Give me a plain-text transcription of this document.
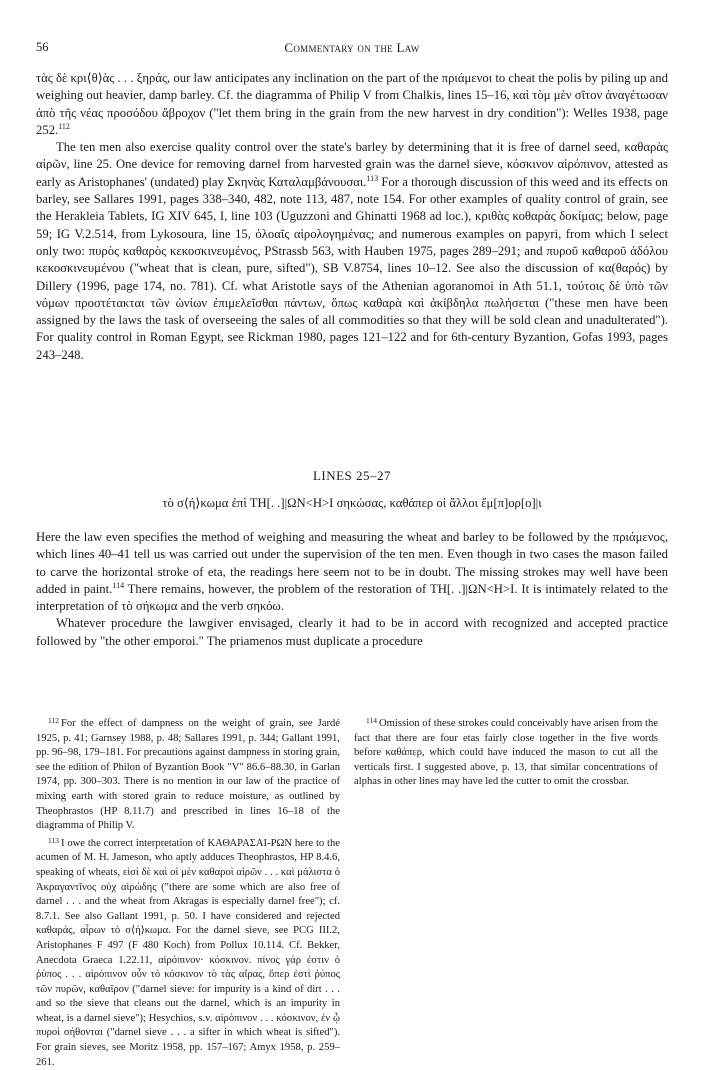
56	Commentary on the Law

τὰς δὲ κρι⟨θ⟩ὰς . . . ξηράς, our law anticipates any inclination on the part of the πριάμενοι to cheat the polis by piling up and weighing out heavier, damp barley. Cf. the diagramma of Philip V from Chalkis, lines 15–16, καὶ τὸμ μὲν σῖτον ἀναγέτωσαν ἀπὸ τῆς νέας προσόδου ἄβροχον ("let them bring in the grain from the new harvest in dry condition"): Welles 1938, page 252.$^{112}$

The ten men also exercise quality control over the state's barley by determining that it is free of darnel seed, καθαρὰς αἱρῶν, line 25. One device for removing darnel from harvested grain was the darnel sieve, κόσκινον αἱρόπινον, attested as early as Aristophanes' (undated) play Σκηνὰς Καταλαμβάνουσαι.$^{113}$ For a thorough discussion of this weed and its effects on barley, see Sallares 1991, pages 338–340, 482, note 113, 487, note 154. For other examples of quality control of grain, see the Herakleia Tablets, IG XIV 645, I, line 103 (Uguzzoni and Ghinatti 1968 ad loc.), κριθὰς κοθαρὰς δοκίμας; below, page 59; IG V.2.514, from Lykosoura, line 15, ὁλοαῖς αἱρολογημένας; and numerous examples on papyri, from which I select only two: πυρὸς καθαρὸς κεκοσκινευμένος, PStrassb 563, with Hauben 1975, pages 289–291; and πυροῦ καθαροῦ ἀδόλου κεκοσκινευμένου ("wheat that is clean, pure, sifted"), SB V.8754, lines 10–12. See also the discussion of κα(θαρός) by Dillery (1996, page 174, no. 781). Cf. what Aristotle says of the Athenian agoranomoi in Ath 51.1, τούτοις δὲ ὑπὸ τῶν νόμων προστέτακται τῶν ὠνίων ἐπιμελεῖσθαι πάντων, ὅπως καθαρὰ καὶ ἀκίβδηλα πωλήσεται ("these men have been assigned by the laws the task of overseeing the sales of all commodities so that they will be sold clean and unadulterated"). For quality control in Roman Egypt, see Rickman 1980, pages 121–122 and for 6th-century Byzantion, Gofas 1993, pages 243–248.

LINES 25–27
τὸ σ⟨ή⟩κωμα ἐπὶ ΤΗ[. .]|ΩΝ<Η>Ι σηκώσας, καθάπερ οἱ ἄλλοι ἔμ[π]ορ[ο]|ι

Here the law even specifies the method of weighing and measuring the wheat and barley to be followed by the πριάμενος, which lines 40–41 tell us was carried out under the supervision of the ten men. Even though in two cases the mason failed to carve the horizontal stroke of eta, the readings here seem not to be in doubt. The missing strokes may well have been added in paint.$^{114}$ There remains, however, the problem of the restoration of ΤΗ[. .]|ΩΝ<Η>Ι. It is intimately related to the interpretation of τὸ σήκωμα and the verb σηκόω.

Whatever procedure the lawgiver envisaged, clearly it had to be in accord with recognized and accepted practice followed by "the other emporoi." The priamenos must duplicate a procedure

$^{112}$ For the effect of dampness on the weight of grain, see Jardé 1925, p. 41; Garnsey 1988, p. 48; Sallares 1991, p. 344; Gallant 1991, pp. 96–98, 179–181. For precautions against dampness in storing grain, see the edition of Philon of Byzantion Book "V" 86.6–88.30, in Garlan 1974, pp. 300–303. There is no mention in our law of the practice of mixing earth with stored grain to reduce moisture, as outlined by Theophrastos (HP 8.11.7) and prescribed in lines 16–18 of the diagramma of Philip V.

$^{113}$ I owe the correct interpretation of ΚΑΘΑΡΑΣΑΙ-ΡΩΝ here to the acumen of M. H. Jameson, who aptly adduces Theophrastos, HP 8.4.6, speaking of wheats, εἰσὶ δὲ καὶ οἱ μὲν καθαροὶ αἱρῶν . . . καὶ μάλιστα ὁ Ἀκραγαντῖνος οὐχ αἱρώδης ("there are some which are also free of darnel . . . and the wheat from Akragas is especially darnel free"); cf. 8.7.1. See also Gallant 1991, p. 50. I have considered and rejected καθαράς, αἶρων τὸ σ⟨ή⟩κωμα. For the darnel sieve, see PCG III.2, Aristophanes F 497 (F 480 Koch) from Pollux 10.114. Cf. Bekker, Anecdota Graeca 1.22.11, αἱρόπινον· κόσκινον. πίνος γάρ ἐστιν ὁ ῥύπος . . . αἱρόπινον οὖν τὸ κόσκινον τὸ τὰς αἴρας, ὅπερ ἐστὶ ῥύπος τῶν πυρῶν, καθαῖρον ("darnel sieve: for impurity is a kind of dirt . . . and so the sieve that cleans out the darnel, which is an impurity in wheat, is a darnel sieve"); Hesychios, s.v. αἱρόπινον . . . κόσκινον, ἐν ᾧ πυροὶ σήθονται ("darnel sieve . . . a sifter in which wheat is sifted"). For grain sieves, see Moritz 1958, pp. 157–167; Amyx 1958, p. 259–261.

$^{114}$ Omission of these strokes could conceivably have arisen from the fact that there are four etas fairly close together in the five words before καθάπερ, which could have induced the mason to cut all the verticals first. I suggested above, p. 13, that similar concentrations of alphas in other lines may have led the cutter to omit the crossbar.
